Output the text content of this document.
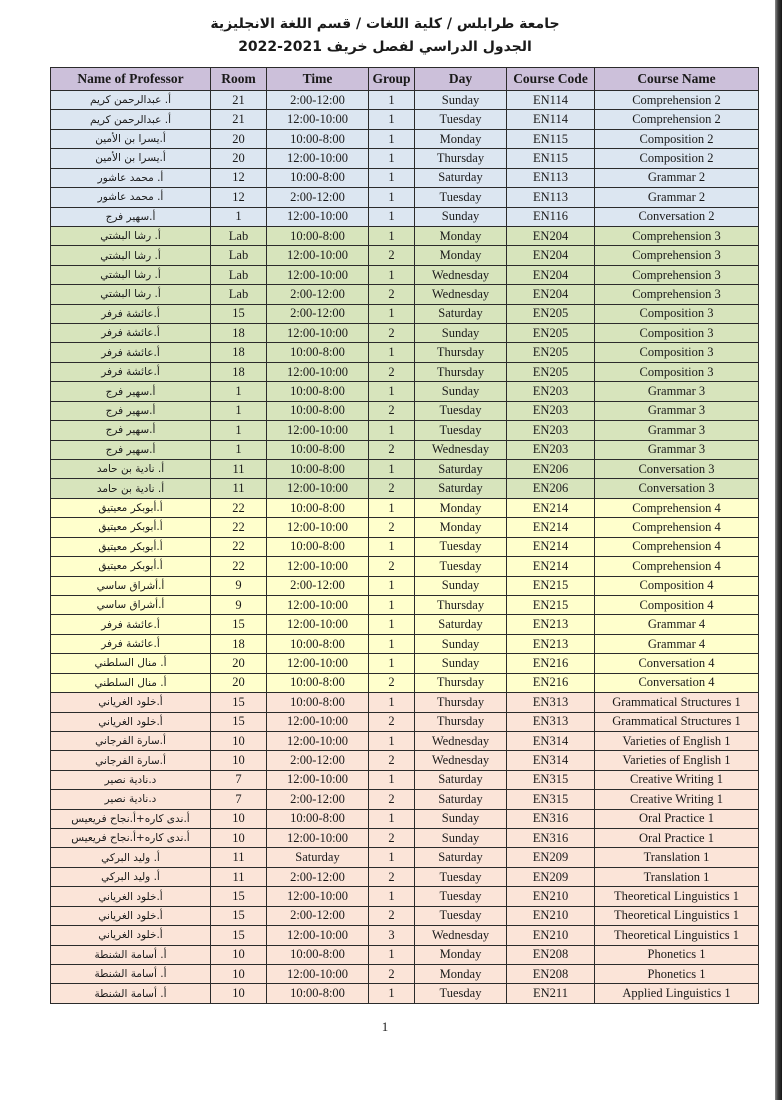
جامعة طرابلس / كلية اللغات / قسم اللغة الانجليزية
الجدول الدراسي لفصل خريف 2021-2022
Name of Professor	Room	Time	Group	Day	Course Code	Course Name
أ. عبدالرحمن كريم	21	2:00-12:00	1	Sunday	EN114	Comprehension 2
أ. عبدالرحمن كريم	21	12:00-10:00	1	Tuesday	EN114	Comprehension 2
أ.يسرا بن الأمين	20	10:00-8:00	1	Monday	EN115	Composition 2
أ.يسرا بن الأمين	20	12:00-10:00	1	Thursday	EN115	Composition 2
أ. محمد عاشور	12	10:00-8:00	1	Saturday	EN113	Grammar 2
أ. محمد عاشور	12	2:00-12:00	1	Tuesday	EN113	Grammar 2
أ.سهير فرج	1	12:00-10:00	1	Sunday	EN116	Conversation 2
أ. رشا البشتي	Lab	10:00-8:00	1	Monday	EN204	Comprehension 3
أ. رشا البشتي	Lab	12:00-10:00	2	Monday	EN204	Comprehension 3
أ. رشا البشتي	Lab	12:00-10:00	1	Wednesday	EN204	Comprehension 3
أ. رشا البشتي	Lab	2:00-12:00	2	Wednesday	EN204	Comprehension 3
أ.عائشة فرفر	15	2:00-12:00	1	Saturday	EN205	Composition 3
أ.عائشة فرفر	18	12:00-10:00	2	Sunday	EN205	Composition 3
أ.عائشة فرفر	18	10:00-8:00	1	Thursday	EN205	Composition 3
أ.عائشة فرفر	18	12:00-10:00	2	Thursday	EN205	Composition 3
أ.سهير فرج	1	10:00-8:00	1	Sunday	EN203	Grammar 3
أ.سهير فرج	1	10:00-8:00	2	Tuesday	EN203	Grammar 3
أ.سهير فرج	1	12:00-10:00	1	Tuesday	EN203	Grammar 3
أ.سهير فرج	1	10:00-8:00	2	Wednesday	EN203	Grammar 3
أ. نادية بن حامد	11	10:00-8:00	1	Saturday	EN206	Conversation 3
أ. نادية بن حامد	11	12:00-10:00	2	Saturday	EN206	Conversation 3
أ.أبوبكر معيتيق	22	10:00-8:00	1	Monday	EN214	Comprehension 4
أ.أبوبكر معيتيق	22	12:00-10:00	2	Monday	EN214	Comprehension 4
أ.أبوبكر معيتيق	22	10:00-8:00	1	Tuesday	EN214	Comprehension 4
أ.أبوبكر معيتيق	22	12:00-10:00	2	Tuesday	EN214	Comprehension 4
أ.أشراق ساسي	9	2:00-12:00	1	Sunday	EN215	Composition 4
أ.أشراق ساسي	9	12:00-10:00	1	Thursday	EN215	Composition 4
أ.عائشة فرفر	15	12:00-10:00	1	Saturday	EN213	Grammar 4
أ.عائشة فرفر	18	10:00-8:00	1	Sunday	EN213	Grammar 4
أ. منال السلطني	20	12:00-10:00	1	Sunday	EN216	Conversation 4
أ. منال السلطني	20	10:00-8:00	2	Thursday	EN216	Conversation 4
أ.خلود الغرياني	15	10:00-8:00	1	Thursday	EN313	Grammatical Structures 1
أ.خلود الغرياني	15	12:00-10:00	2	Thursday	EN313	Grammatical Structures 1
أ.سارة الفرجاني	10	12:00-10:00	1	Wednesday	EN314	Varieties of English 1
أ.سارة الفرجاني	10	2:00-12:00	2	Wednesday	EN314	Varieties of English 1
د.نادية نصير	7	12:00-10:00	1	Saturday	EN315	Creative Writing 1
د.نادية نصير	7	2:00-12:00	2	Saturday	EN315	Creative Writing 1
أ.ندى كاره+أ.نجاح فريعيس	10	10:00-8:00	1	Sunday	EN316	Oral Practice 1
أ.ندى كاره+أ.نجاح فريعيس	10	12:00-10:00	2	Sunday	EN316	Oral Practice 1
أ. وليد البركي	11	Saturday	1	Saturday	EN209	Translation 1
أ. وليد البركي	11	2:00-12:00	2	Tuesday	EN209	Translation 1
أ.خلود الغرياني	15	12:00-10:00	1	Tuesday	EN210	Theoretical Linguistics 1
أ.خلود الغرياني	15	2:00-12:00	2	Tuesday	EN210	Theoretical Linguistics 1
أ.خلود الغرياني	15	12:00-10:00	3	Wednesday	EN210	Theoretical Linguistics 1
أ. أسامة الشنطة	10	10:00-8:00	1	Monday	EN208	Phonetics 1
أ. أسامة الشنطة	10	12:00-10:00	2	Monday	EN208	Phonetics 1
أ. أسامة الشنطة	10	10:00-8:00	1	Tuesday	EN211	Applied Linguistics 1
1
